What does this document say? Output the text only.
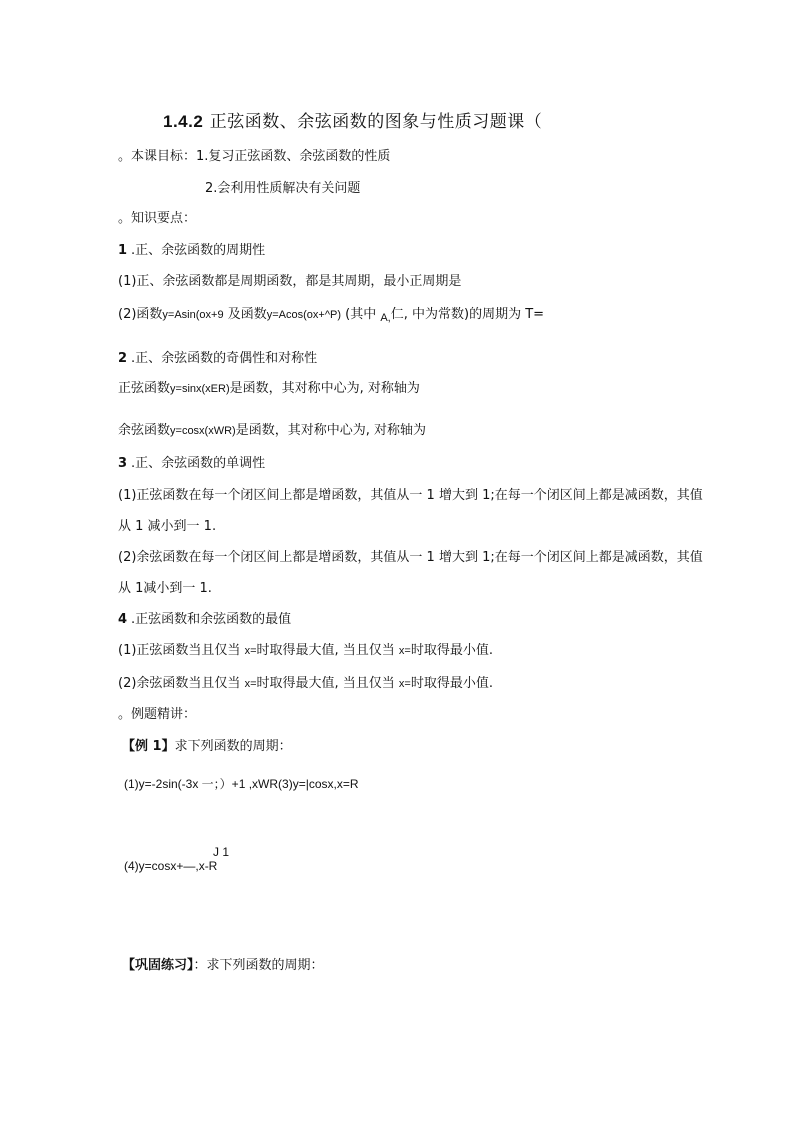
1.4.2 正弦函数、余弦函数的图象与性质习题课（
。本课目标：1.复习正弦函数、余弦函数的性质
2.会利用性质解决有关问题
。知识要点：
1 .正、余弦函数的周期性
(1)正、余弦函数都是周期函数，都是其周期，最小正周期是
(2)函数y=Asin(ox+9 及函数y=Acos(ox+^P) (其中 $_{A,}$仁, 中为常数)的周期为 T=
2 .正、余弦函数的奇偶性和对称性
正弦函数y=sinx(xER)是函数，其对称中心为, 对称轴为
余弦函数y=cosx(xWR)是函数，其对称中心为, 对称轴为
3 .正、余弦函数的单调性
(1)正弦函数在每一个闭区间上都是增函数，其值从一 1 增大到 1;在每一个闭区间上都是减函数，其值
从 1 减小到一 1.
(2)余弦函数在每一个闭区间上都是增函数，其值从一 1 增大到 1;在每一个闭区间上都是减函数，其值
从 1减小到一 1.
4 .正弦函数和余弦函数的最值
(1)正弦函数当且仅当 x=时取得最大值, 当且仅当 x=时取得最小值.
(2)余弦函数当且仅当 x=时取得最大值, 当且仅当 x=时取得最小值.
。例题精讲：
【例 1】求下列函数的周期：
(1)y=-2sin(-3x 一；）+1 ,xWR(3)y=|cosx,x=R
J 1
(4)y=cosx+—,x-R
【巩固练习】：求下列函数的周期：
